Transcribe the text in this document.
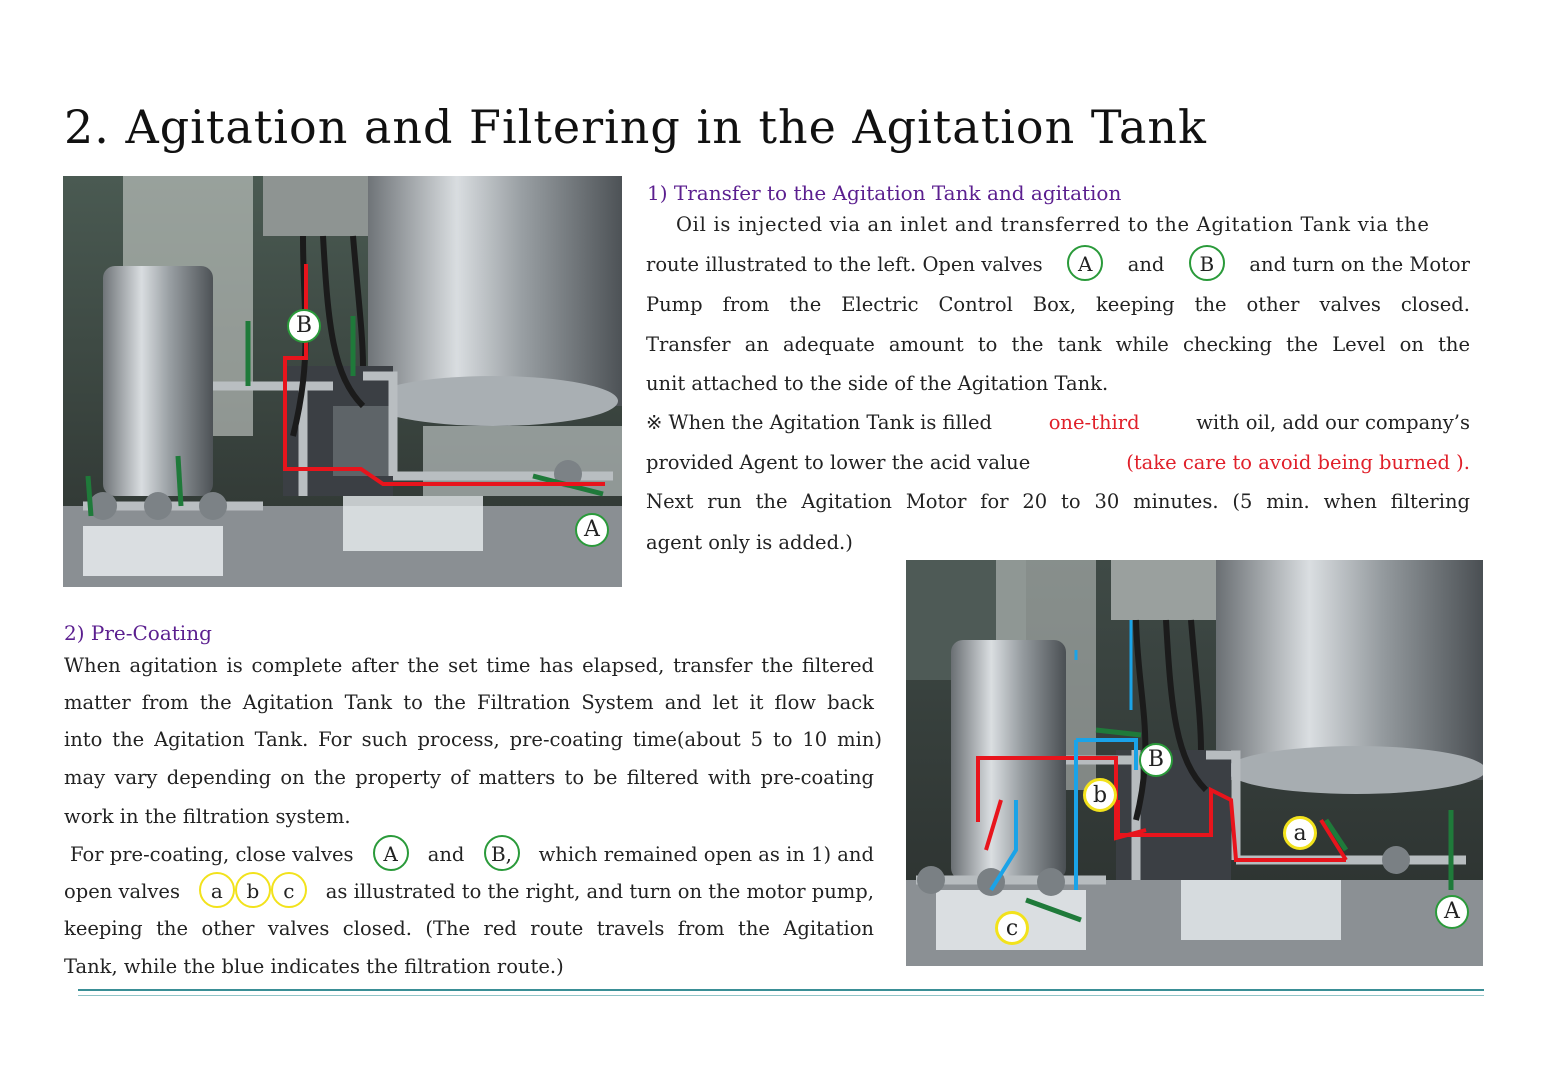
2. Agitation and Filtering in the Agitation Tank
B
A
1) Transfer to the Agitation Tank and agitation
Oil is injected via an inlet and transferred to the Agitation Tank via the
route illustrated to the left. Open valves	A	and	B	and turn on the Motor
Pump from the Electric Control Box, keeping the other valves closed.
Transfer an adequate amount to the tank while checking the Level on the
unit attached to the side of the Agitation Tank.
※ When the Agitation Tank is filled	one-third	with oil, add our company’s
provided Agent to lower the acid value	(take care to avoid being burned ).
Next run the Agitation Motor for 20 to 30 minutes. (5 min. when filtering
agent only is added.)
2) Pre-Coating
When agitation is complete after the set time has elapsed, transfer the filtered
matter from the Agitation Tank to the Filtration System and let it flow back
into the Agitation Tank. For such process, pre-coating time(about 5 to 10 min)
may vary depending on the property of matters to be filtered with pre-coating
work in the filtration system.
For pre-coating, close valves	A	and	B,	which remained open as in 1) and
open valves	a	b	c	as illustrated to the right, and turn on the motor pump,
keeping the other valves closed. (The red route travels from the Agitation
Tank, while the blue indicates the filtration route.)
B
b
a
A
c
